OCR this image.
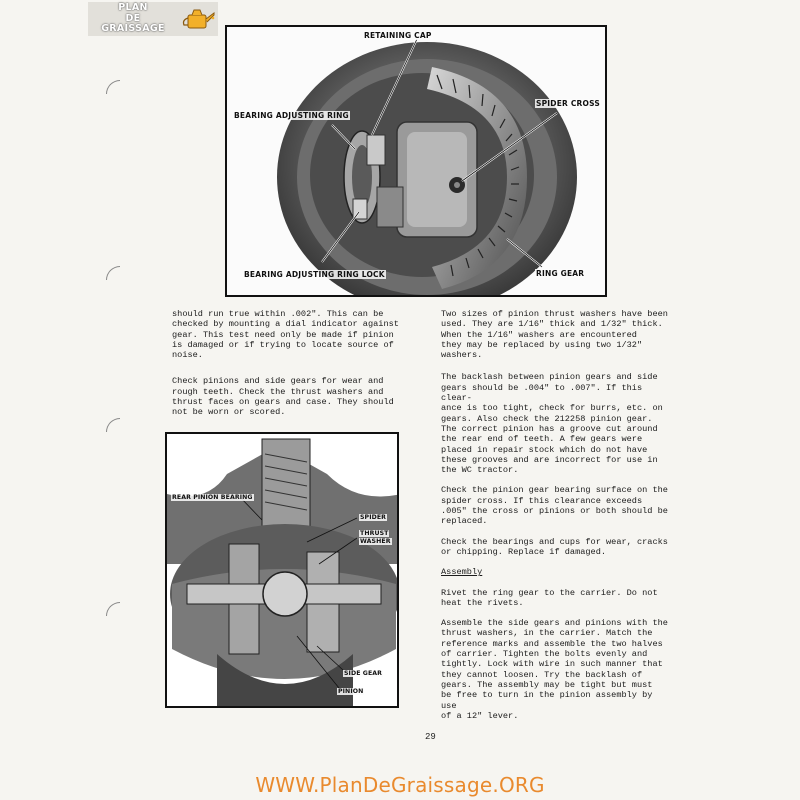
PLAN
DE
GRAISSAGE
RETAINING CAP
BEARING ADJUSTING RING
SPIDER CROSS
BEARING ADJUSTING RING LOCK	RING GEAR

should run true within .002". This can be
checked by mounting a dial indicator against
gear. This test need only be made if pinion
is damaged or if trying to locate source of
noise.

Check pinions and side gears for wear and
rough teeth. Check the thrust washers and
thrust faces on gears and case. They should
not be worn or scored.

REAR PINION BEARING
SPIDER
THRUST
WASHER
SIDE GEAR
PINION

Two sizes of pinion thrust washers have been
used. They are 1/16" thick and 1/32" thick.
When the 1/16" washers are encountered
they may be replaced by using two 1/32"
washers.

The backlash between pinion gears and side
gears should be .004" to .007". If this clear-
ance is too tight, check for burrs, etc. on
gears. Also check the 212258 pinion gear.
The correct pinion has a groove cut around
the rear end of teeth. A few gears were
placed in repair stock which do not have
these grooves and are incorrect for use in
the WC tractor.

Check the pinion gear bearing surface on the
spider cross. If this clearance exceeds
.005" the cross or pinions or both should be
replaced.

Check the bearings and cups for wear, cracks
or chipping. Replace if damaged.

Assembly

Rivet the ring gear to the carrier. Do not
heat the rivets.

Assemble the side gears and pinions with the
thrust washers, in the carrier. Match the
reference marks and assemble the two halves
of carrier. Tighten the bolts evenly and
tightly. Lock with wire in such manner that
they cannot loosen. Try the backlash of
gears. The assembly may be tight but must
be free to turn in the pinion assembly by use
of a 12" lever.

29
WWW.PlanDeGraissage.ORG
